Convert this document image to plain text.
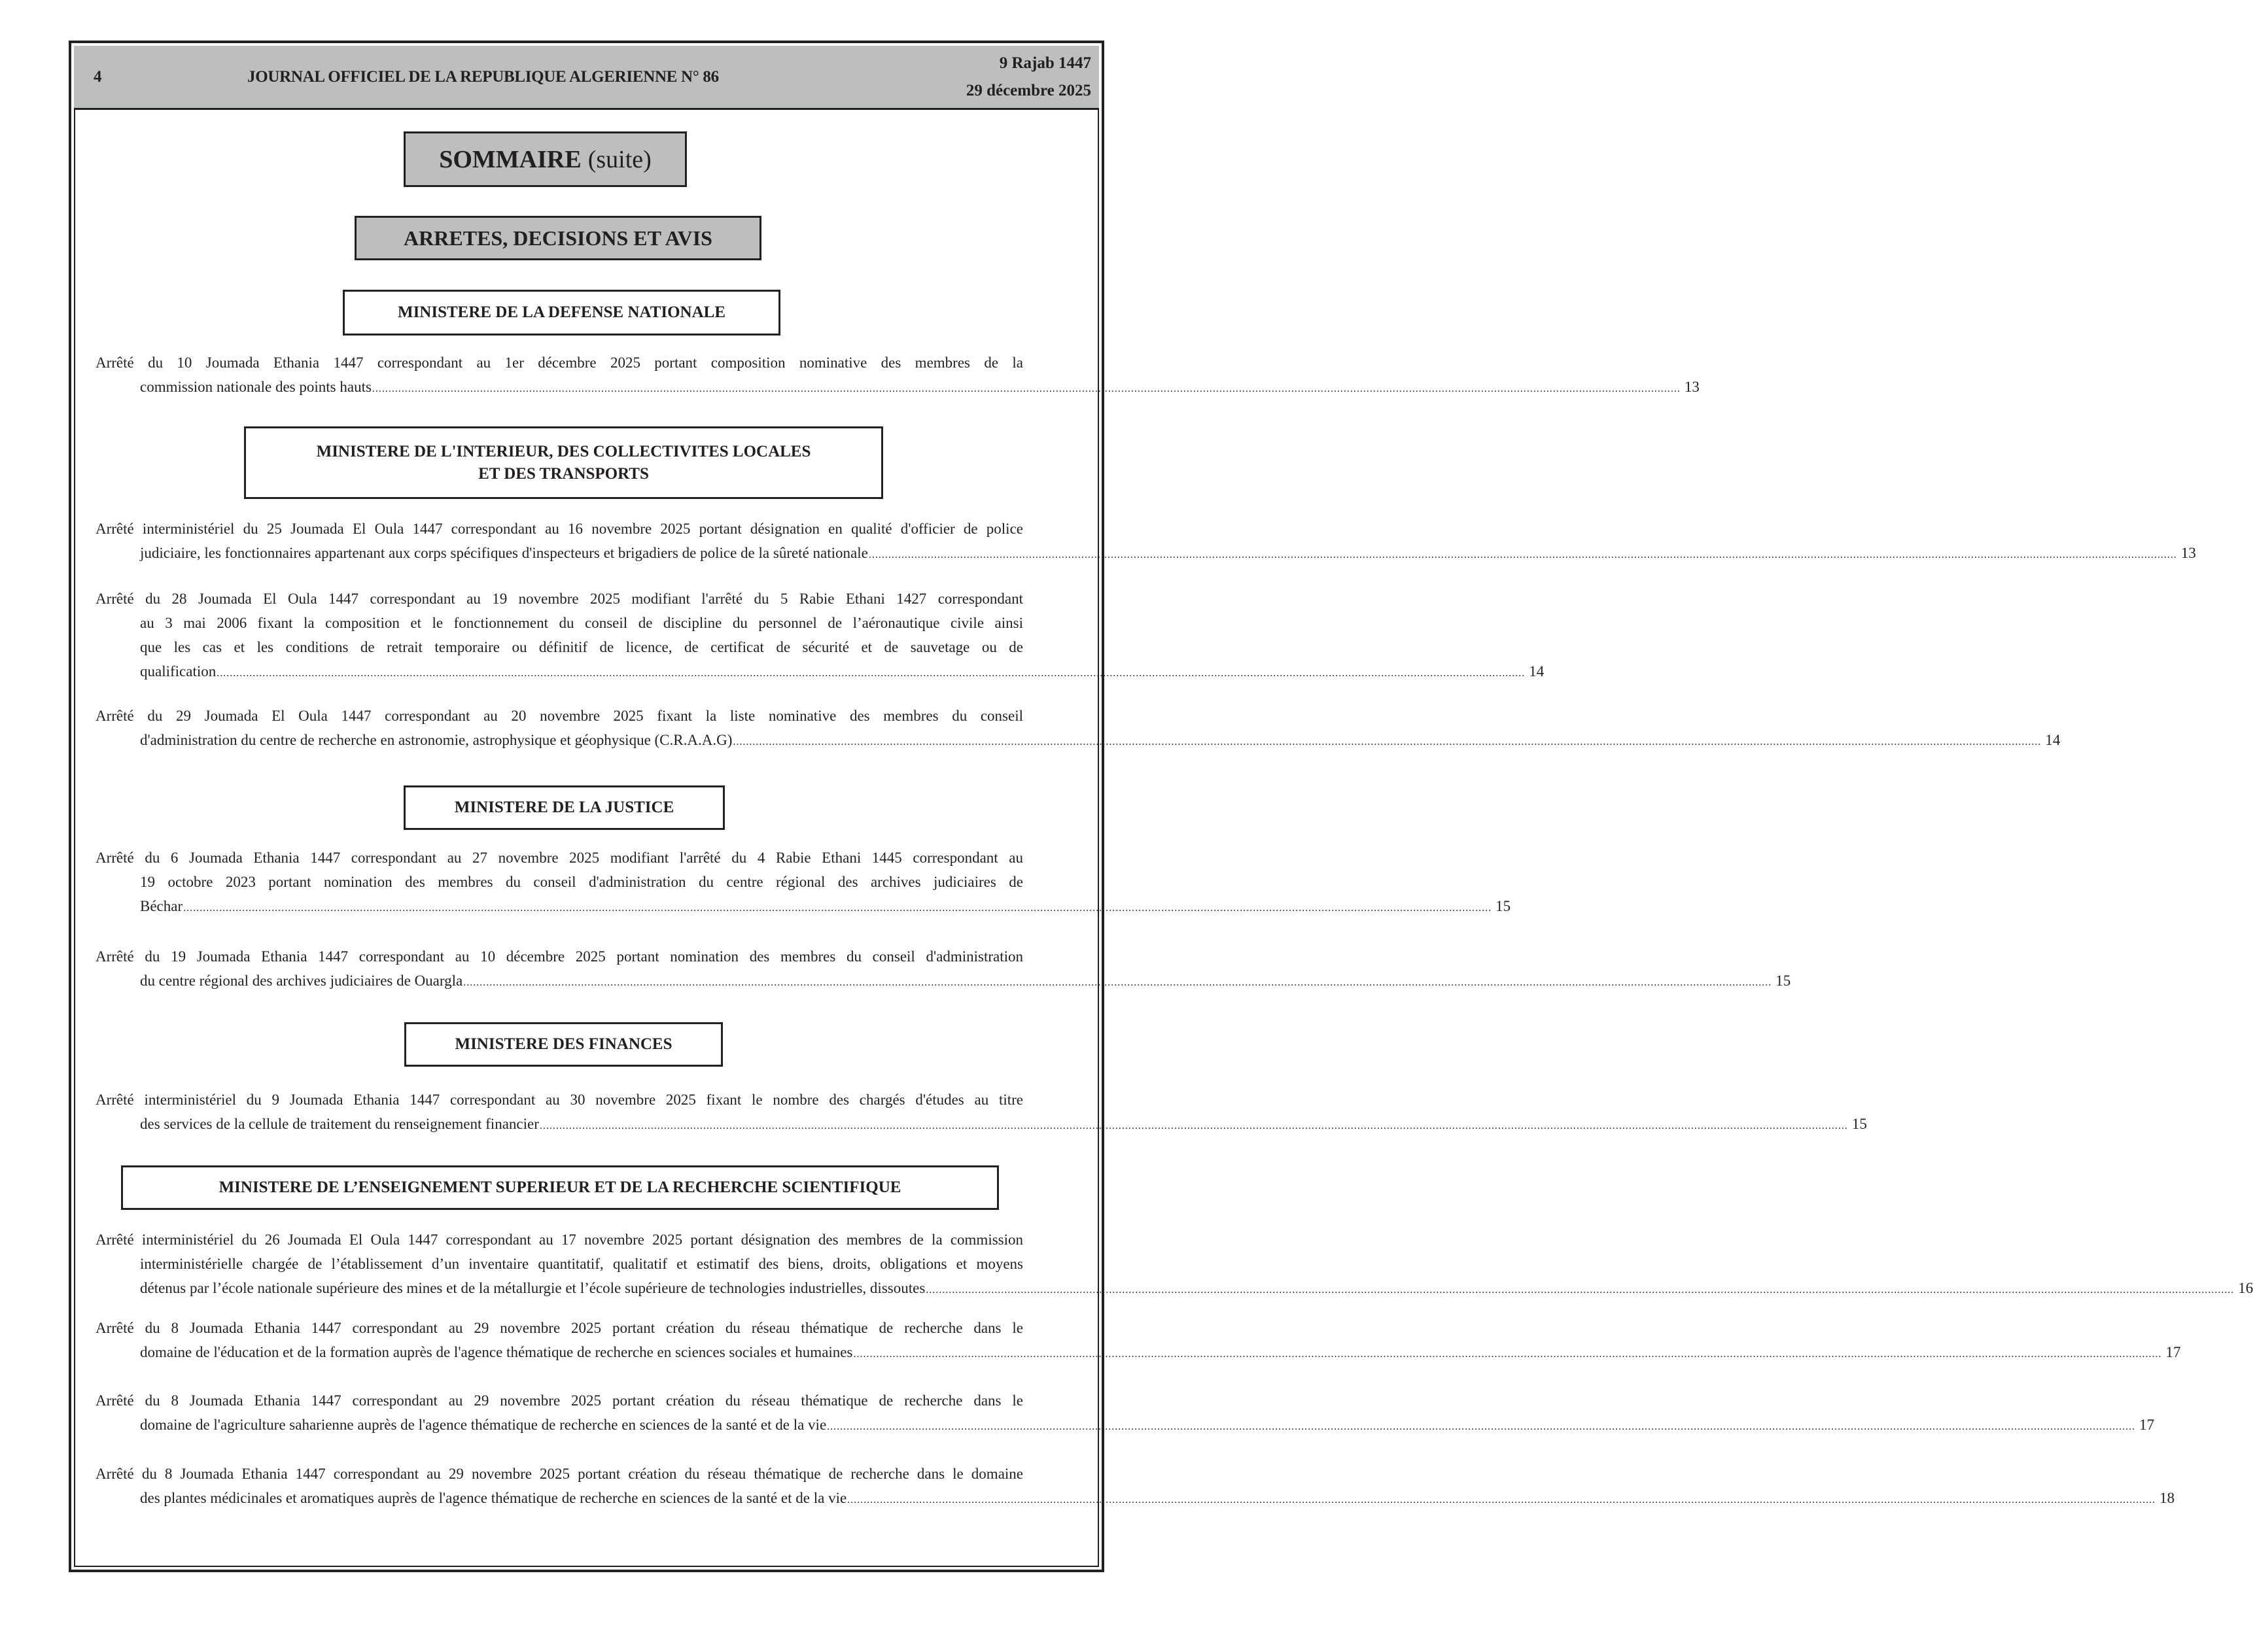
4	JOURNAL OFFICIEL DE LA REPUBLIQUE ALGERIENNE N° 86
9 Rajab 1447
29 décembre 2025
SOMMAIRE (suite)
ARRETES, DECISIONS ET AVIS
MINISTERE DE LA DEFENSE NATIONALE
Arrêté du 10 Joumada Ethania 1447 correspondant au 1er décembre 2025 portant composition nominative des membres de la
commission nationale des points hauts ................................................................................................................................................................................................................................................................................................................................................................................................................ 13
MINISTERE DE L'INTERIEUR, DES COLLECTIVITES LOCALES
ET DES TRANSPORTS
Arrêté interministériel du 25 Joumada El Oula 1447 correspondant au 16 novembre 2025 portant désignation en qualité d'officier de police
judiciaire, les fonctionnaires appartenant aux corps spécifiques d'inspecteurs et brigadiers de police de la sûreté nationale ................................................................................................................................................................................................................................................................................................................................................................................................................ 13
Arrêté du 28 Joumada El Oula 1447 correspondant au 19 novembre 2025 modifiant l'arrêté du 5 Rabie Ethani 1427 correspondant
au 3 mai 2006 fixant la composition et le fonctionnement du conseil de discipline du personnel de l’aéronautique civile ainsi
que les cas et les conditions de retrait temporaire ou définitif de licence, de certificat de sécurité et de sauvetage ou de
qualification ................................................................................................................................................................................................................................................................................................................................................................................................................ 14
Arrêté du 29 Joumada El Oula 1447 correspondant au 20 novembre 2025 fixant la liste nominative des membres du conseil
d'administration du centre de recherche en astronomie, astrophysique et géophysique (C.R.A.A.G) ................................................................................................................................................................................................................................................................................................................................................................................................................ 14
MINISTERE DE LA JUSTICE
Arrêté du 6 Joumada Ethania 1447 correspondant au 27 novembre 2025 modifiant l'arrêté du 4 Rabie Ethani 1445 correspondant au
19 octobre 2023 portant nomination des membres du conseil d'administration du centre régional des archives judiciaires de
Béchar ................................................................................................................................................................................................................................................................................................................................................................................................................ 15
Arrêté du 19 Joumada Ethania 1447 correspondant au 10 décembre 2025 portant nomination des membres du conseil d'administration
du centre régional des archives judiciaires de Ouargla ................................................................................................................................................................................................................................................................................................................................................................................................................ 15
MINISTERE DES FINANCES
Arrêté interministériel du 9 Joumada Ethania 1447 correspondant au 30 novembre 2025 fixant le nombre des chargés d'études au titre
des services de la cellule de traitement du renseignement financier ................................................................................................................................................................................................................................................................................................................................................................................................................ 15
MINISTERE DE L’ENSEIGNEMENT SUPERIEUR ET DE LA RECHERCHE SCIENTIFIQUE
Arrêté interministériel du 26 Joumada El Oula 1447 correspondant au 17 novembre 2025 portant désignation des membres de la commission
interministérielle chargée de l’établissement d’un inventaire quantitatif, qualitatif et estimatif des biens, droits, obligations et moyens
détenus par l’école nationale supérieure des mines et de la métallurgie et l’école supérieure de technologies industrielles, dissoutes ................................................................................................................................................................................................................................................................................................................................................................................................................ 16
Arrêté du 8 Joumada Ethania 1447 correspondant au 29 novembre 2025 portant création du réseau thématique de recherche dans le
domaine de l'éducation et de la formation auprès de l'agence thématique de recherche en sciences sociales et humaines ................................................................................................................................................................................................................................................................................................................................................................................................................ 17
Arrêté du 8 Joumada Ethania 1447 correspondant au 29 novembre 2025 portant création du réseau thématique de recherche dans le
domaine de l'agriculture saharienne auprès de l'agence thématique de recherche en sciences de la santé et de la vie ................................................................................................................................................................................................................................................................................................................................................................................................................ 17
Arrêté du 8 Joumada Ethania 1447 correspondant au 29 novembre 2025 portant création du réseau thématique de recherche dans le domaine
des plantes médicinales et aromatiques auprès de l'agence thématique de recherche en sciences de la santé et de la vie ................................................................................................................................................................................................................................................................................................................................................................................................................ 18
